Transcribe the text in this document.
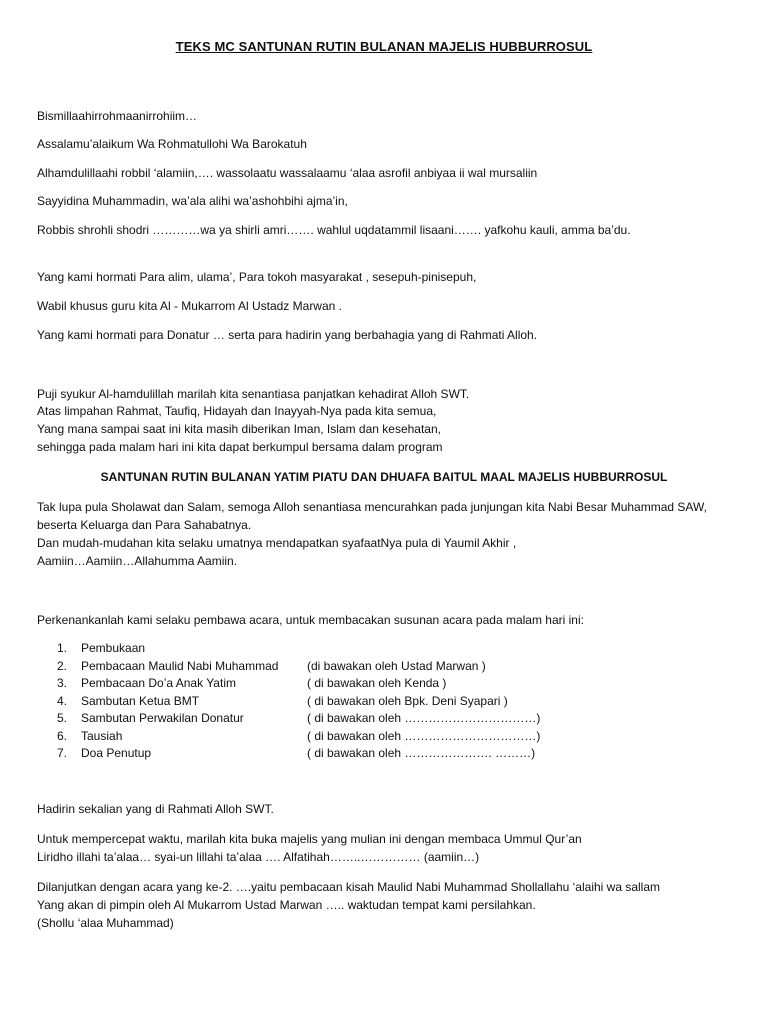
TEKS MC SANTUNAN RUTIN BULANAN MAJELIS HUBBURROSUL
Bismillaahirrohmaanirrohiim…
Assalamu’alaikum Wa Rohmatullohi Wa Barokatuh
Alhamdulillaahi robbil ‘alamiin,…. wassolaatu wassalaamu ‘alaa asrofil anbiyaa ii wal mursaliin
Sayyidina Muhammadin, wa’ala alihi wa’ashohbihi ajma’in,
Robbis shrohli shodri …………wa ya shirli amri……. wahlul uqdatammil lisaani……. yafkohu kauli, amma ba’du.
Yang kami hormati Para alim, ulama’, Para tokoh masyarakat , sesepuh-pinisepuh,
Wabil khusus guru kita Al - Mukarrom Al Ustadz Marwan .
Yang kami hormati para Donatur … serta para hadirin yang berbahagia yang di Rahmati Alloh.
Puji syukur Al-hamdulillah marilah kita senantiasa panjatkan kehadirat Alloh SWT.
Atas limpahan Rahmat, Taufiq, Hidayah dan Inayyah-Nya pada kita semua,
Yang mana sampai saat ini kita masih diberikan Iman, Islam dan kesehatan,
sehingga pada malam hari ini kita dapat berkumpul bersama dalam program
SANTUNAN RUTIN BULANAN YATIM PIATU DAN DHUAFA BAITUL MAAL MAJELIS HUBBURROSUL
Tak lupa pula Sholawat dan Salam, semoga Alloh senantiasa mencurahkan pada junjungan kita Nabi Besar Muhammad SAW,
beserta Keluarga dan Para Sahabatnya.
Dan mudah-mudahan kita selaku umatnya mendapatkan syafaatNya pula di Yaumil Akhir ,
Aamiin…Aamiin…Allahumma Aamiin.
Perkenankanlah kami selaku pembawa acara, untuk membacakan susunan acara pada malam hari ini:
1. Pembukaan
2. Pembacaan Maulid Nabi Muhammad (di bawakan oleh Ustad Marwan )
3. Pembacaan Do’a Anak Yatim	( di bawakan oleh Kenda )
4. Sambutan Ketua BMT	( di bawakan oleh Bpk. Deni Syapari )
5. Sambutan Perwakilan Donatur	( di bawakan oleh ……………………………)
6. Tausiah	( di bawakan oleh ……………………………)
7. Doa Penutup	( di bawakan oleh …………………. ………)
Hadirin sekalian yang di Rahmati Alloh SWT.
Untuk mempercepat waktu, marilah kita buka majelis yang mulian ini dengan membaca Ummul Qur’an
Liridho illahi ta’alaa… syai-un lillahi ta’alaa …. Alfatihah……..…………… (aamiin…)
Dilanjutkan dengan acara yang ke-2. ….yaitu pembacaan kisah Maulid Nabi Muhammad Shollallahu ‘alaihi wa sallam
Yang akan di pimpin oleh Al Mukarrom Ustad Marwan ….. waktudan tempat kami persilahkan.
(Shollu ‘alaa Muhammad)
